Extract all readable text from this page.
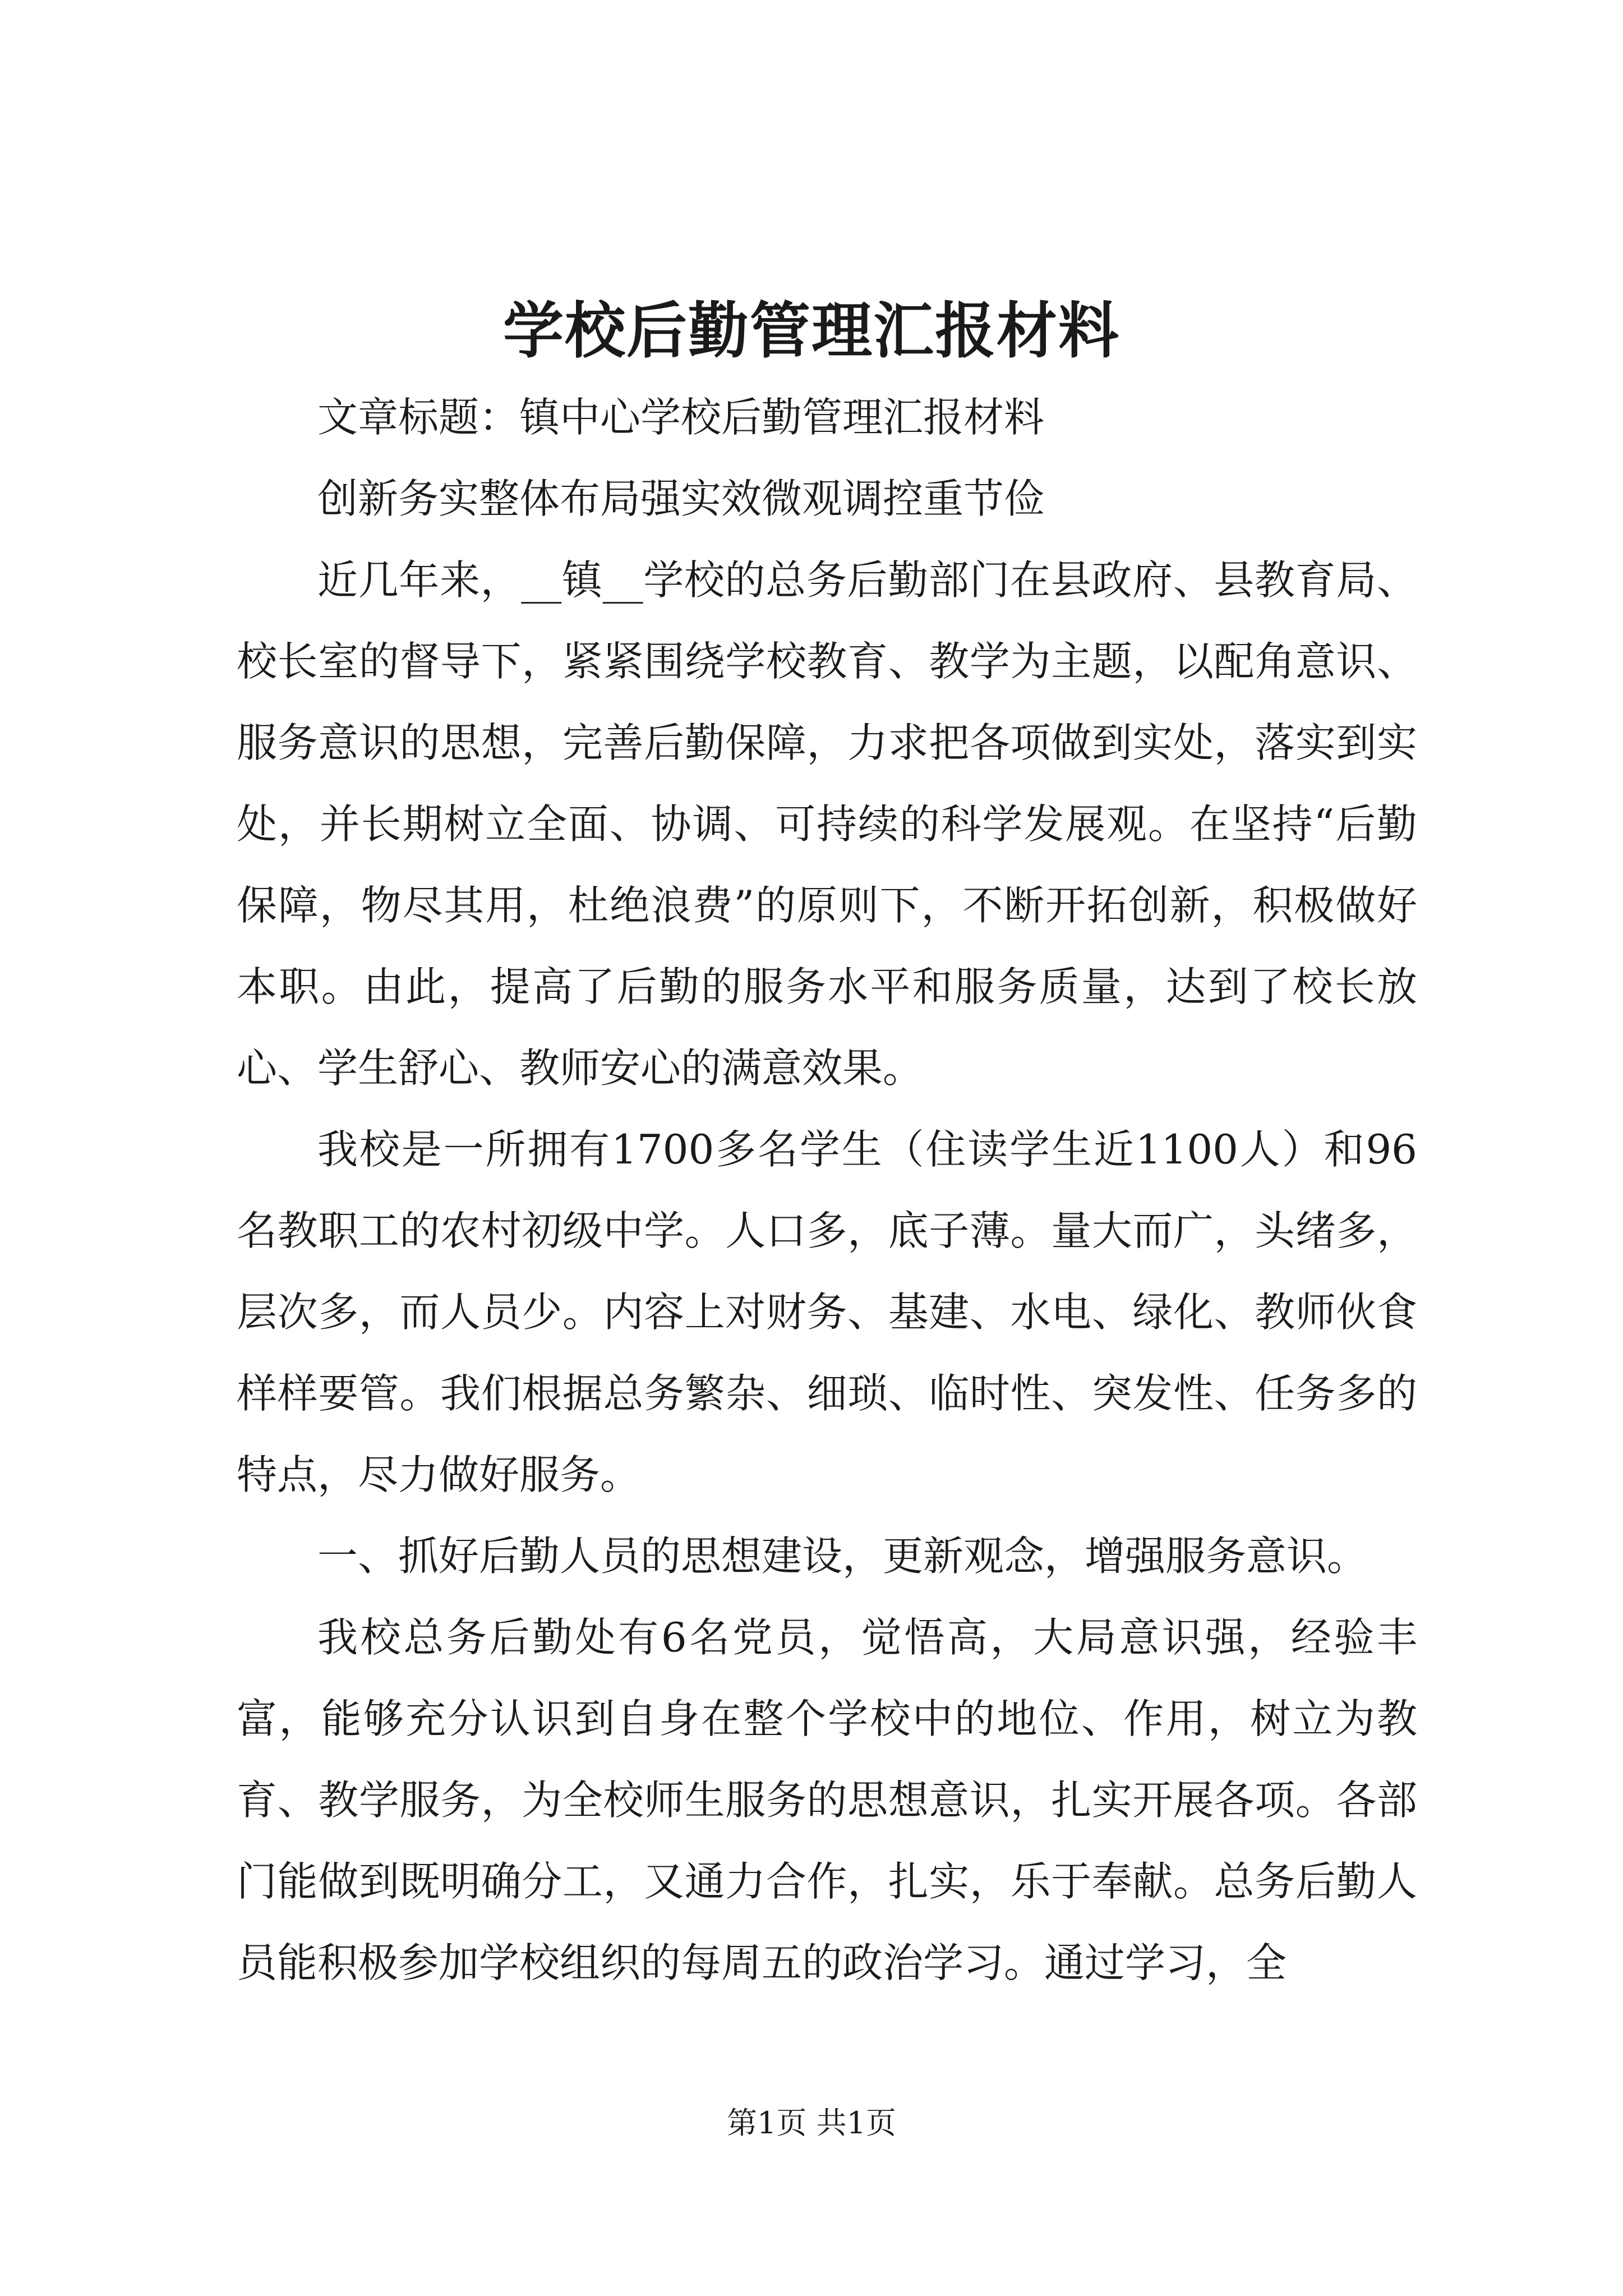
学校后勤管理汇报材料

文章标题：镇中心学校后勤管理汇报材料

创新务实整体布局强实效微观调控重节俭

近几年来，__镇__学校的总务后勤部门在县政府、县教育局、校长室的督导下，紧紧围绕学校教育、教学为主题，以配角意识、服务意识的思想，完善后勤保障，力求把各项做到实处，落实到实处，并长期树立全面、协调、可持续的科学发展观。在坚持“后勤保障，物尽其用，杜绝浪费”的原则下，不断开拓创新，积极做好本职。由此，提高了后勤的服务水平和服务质量，达到了校长放心、学生舒心、教师安心的满意效果。

我校是一所拥有1700多名学生（住读学生近1100人）和96名教职工的农村初级中学。人口多，底子薄。量大而广，头绪多，层次多，而人员少。内容上对财务、基建、水电、绿化、教师伙食样样要管。我们根据总务繁杂、细琐、临时性、突发性、任务多的特点，尽力做好服务。

一、抓好后勤人员的思想建设，更新观念，增强服务意识。

我校总务后勤处有6名党员，觉悟高，大局意识强，经验丰富，能够充分认识到自身在整个学校中的地位、作用，树立为教育、教学服务，为全校师生服务的思想意识，扎实开展各项。各部门能做到既明确分工，又通力合作，扎实，乐于奉献。总务后勤人员能积极参加学校组织的每周五的政治学习。通过学习，全

第1页 共1页
